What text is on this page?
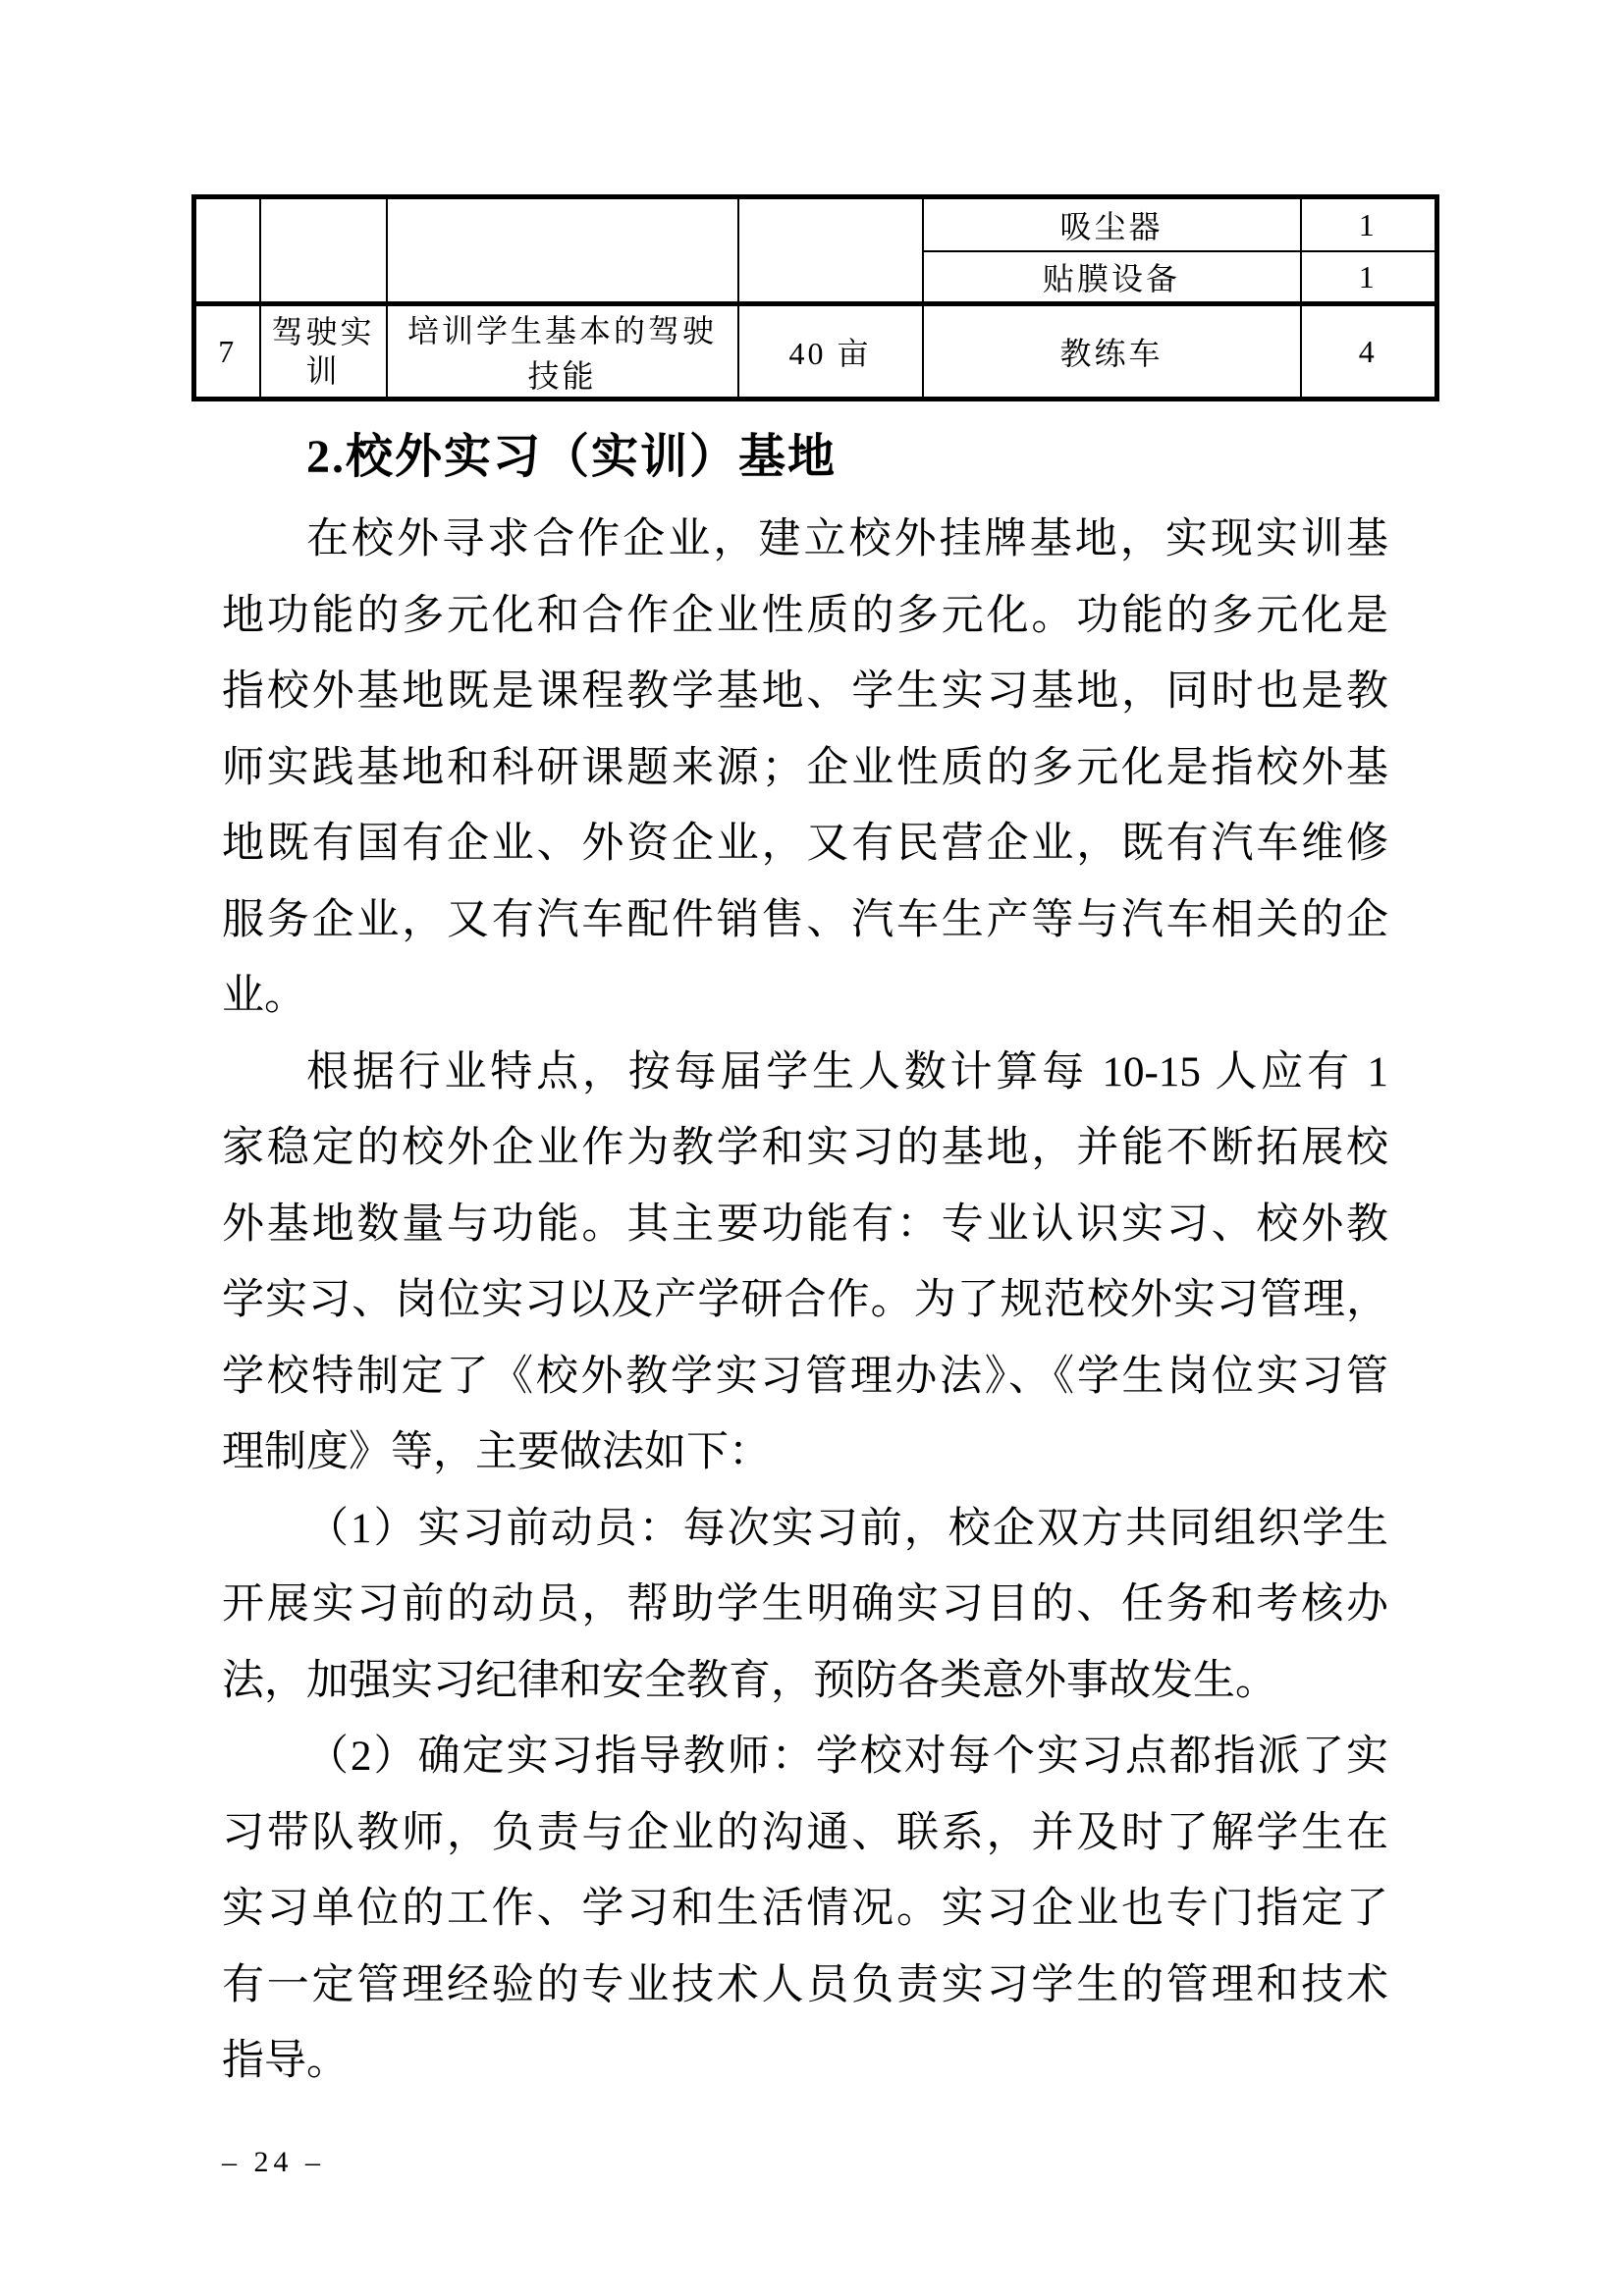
				吸尘器	1
				贴膜设备	1
7	驾驶实训	培训学生基本的驾驶技能	40 亩	教练车	4
2.校外实习（实训）基地
在校外寻求合作企业，建立校外挂牌基地，实现实训基
地功能的多元化和合作企业性质的多元化。功能的多元化是
指校外基地既是课程教学基地、学生实习基地，同时也是教
师实践基地和科研课题来源；企业性质的多元化是指校外基
地既有国有企业、外资企业，又有民营企业，既有汽车维修
服务企业，又有汽车配件销售、汽车生产等与汽车相关的企
业。
根据行业特点，按每届学生人数计算每 10-15 人应有 1
家稳定的校外企业作为教学和实习的基地，并能不断拓展校
外基地数量与功能。其主要功能有：专业认识实习、校外教
学实习、岗位实习以及产学研合作。为了规范校外实习管理，
学校特制定了《校外教学实习管理办法》、《学生岗位实习管
理制度》等，主要做法如下：
（1）实习前动员：每次实习前，校企双方共同组织学生
开展实习前的动员，帮助学生明确实习目的、任务和考核办
法，加强实习纪律和安全教育，预防各类意外事故发生。
（2）确定实习指导教师：学校对每个实习点都指派了实
习带队教师，负责与企业的沟通、联系，并及时了解学生在
实习单位的工作、学习和生活情况。实习企业也专门指定了
有一定管理经验的专业技术人员负责实习学生的管理和技术
指导。
– 24 –
